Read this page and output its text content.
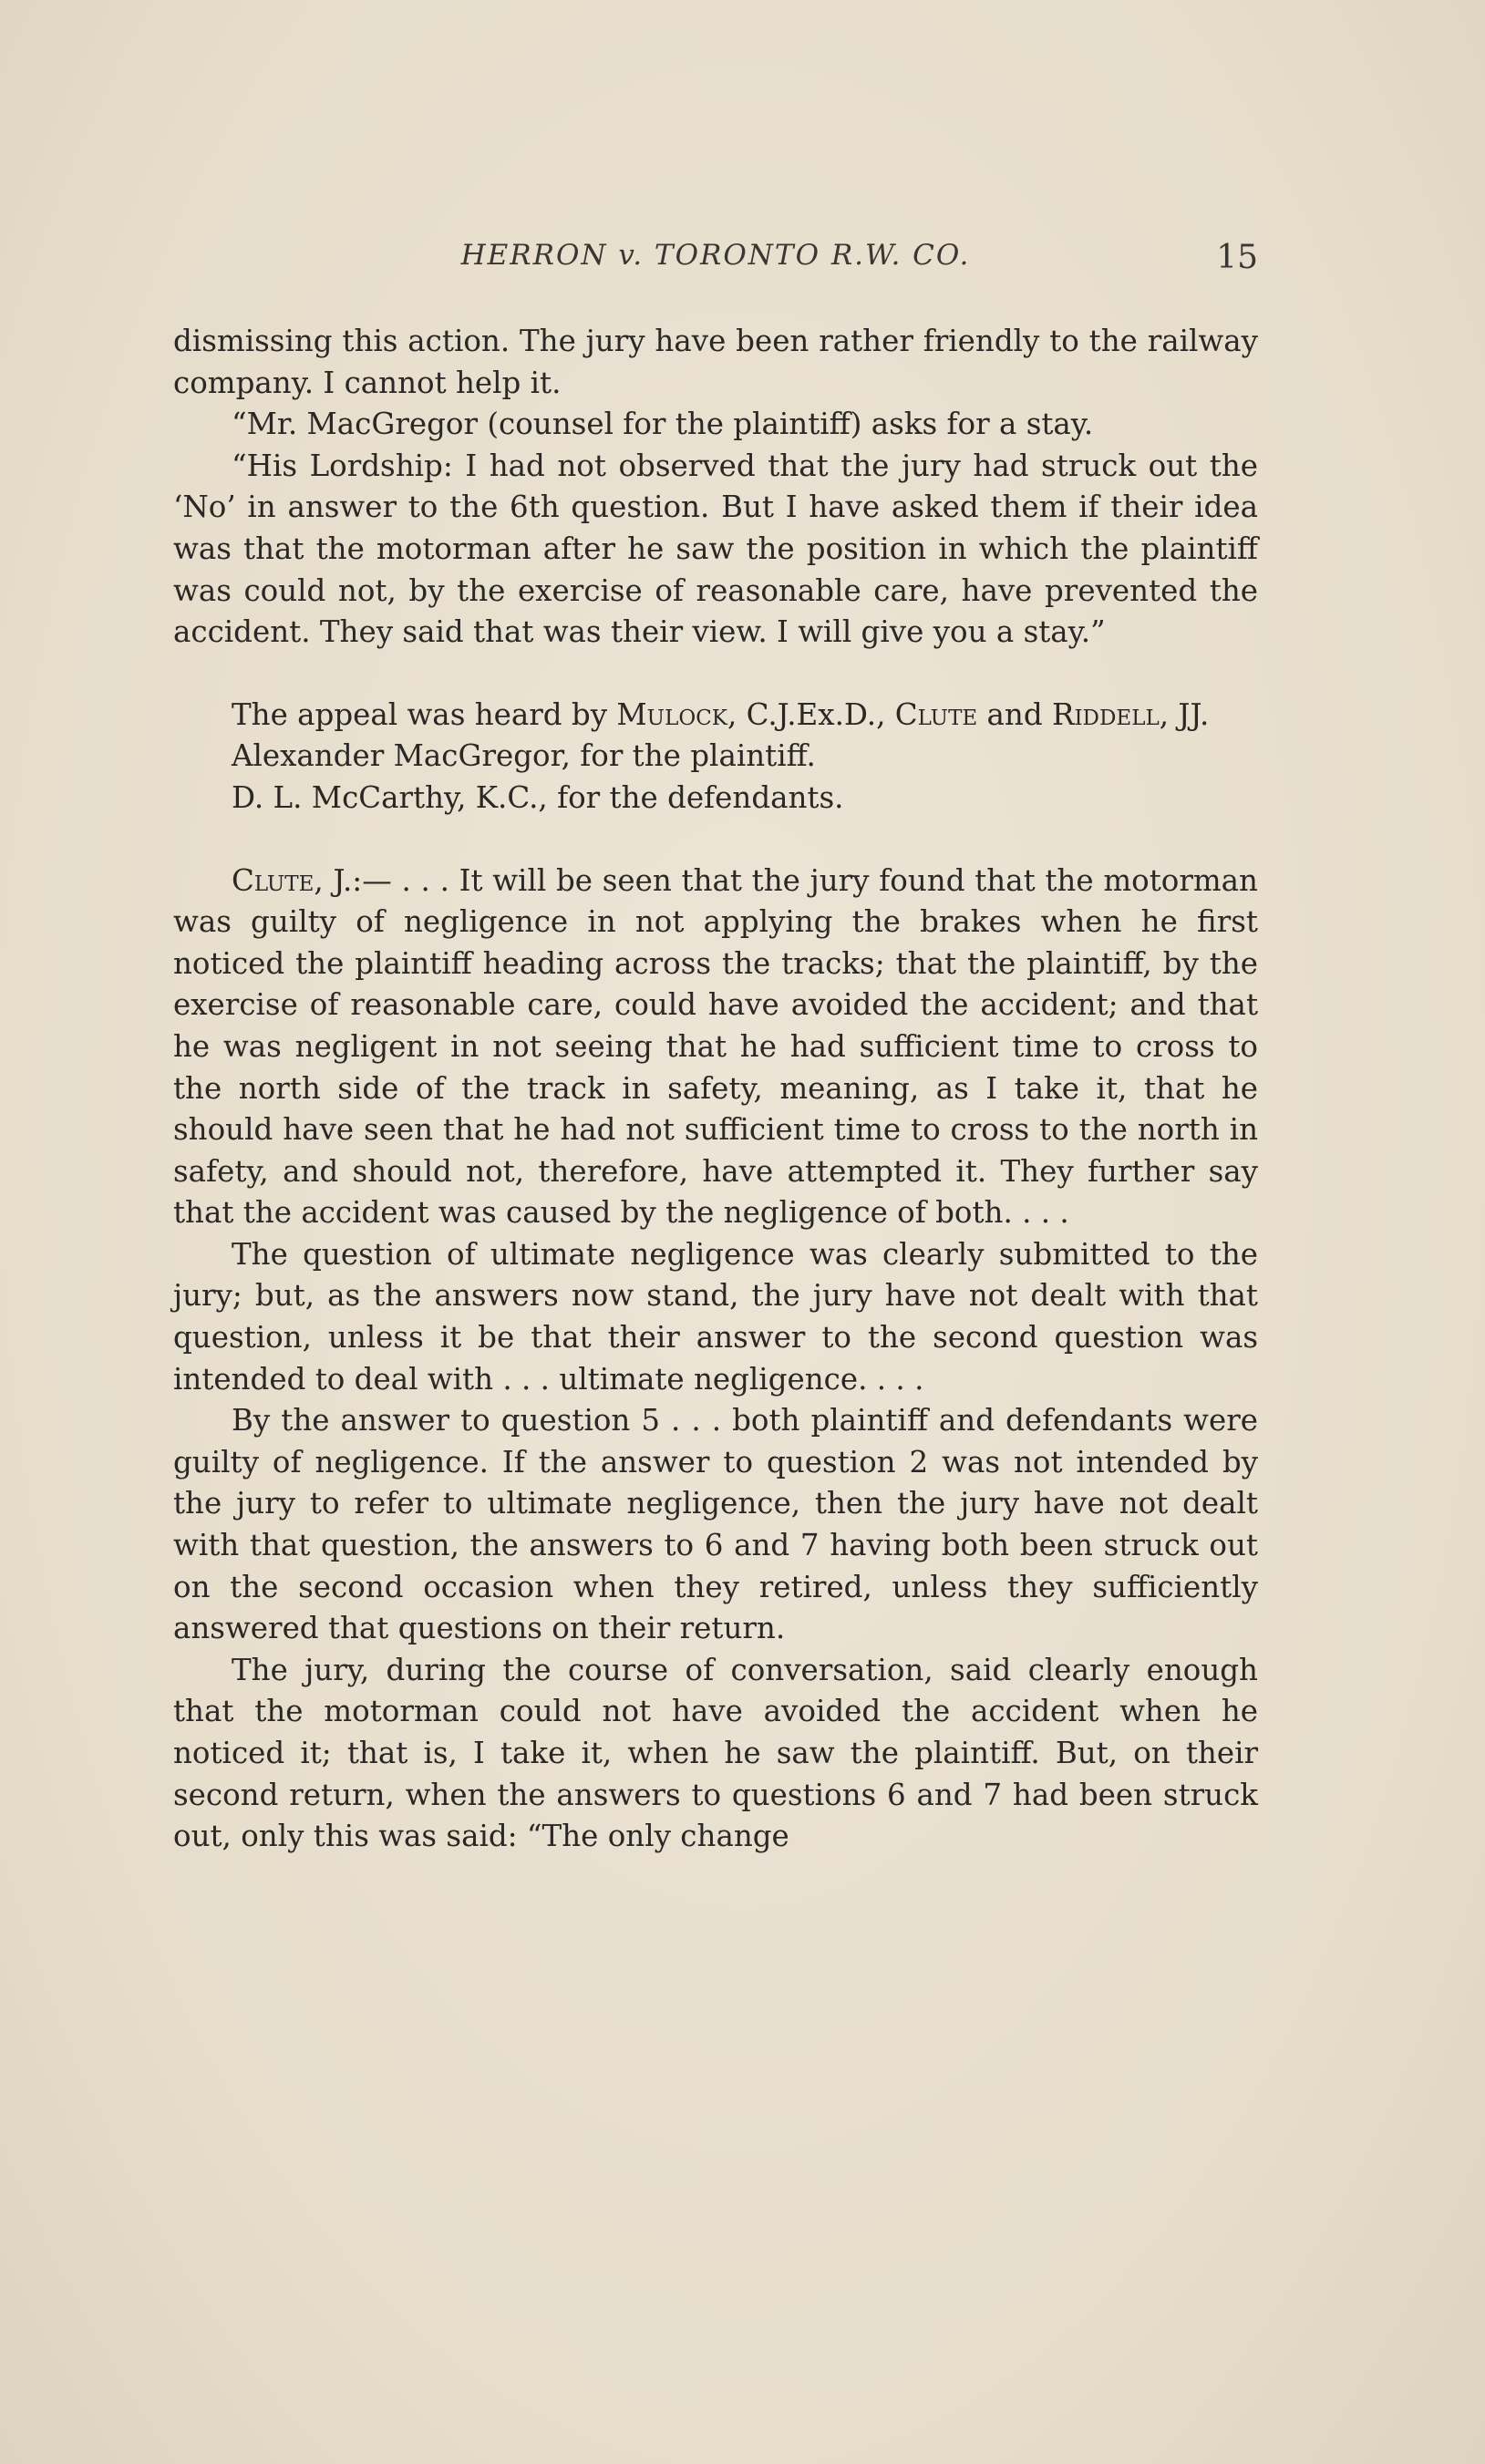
HERRON v. TORONTO R.W. CO.	15

dismissing this action. The jury have been rather friendly to the railway company. I cannot help it.

“Mr. MacGregor (counsel for the plaintiff) asks for a stay.

“His Lordship: I had not observed that the jury had struck out the ‘No’ in answer to the 6th question. But I have asked them if their idea was that the motorman after he saw the position in which the plaintiff was could not, by the exercise of reasonable care, have prevented the accident. They said that was their view. I will give you a stay.”

The appeal was heard by Mulock, C.J.Ex.D., Clute and Riddell, JJ.

Alexander MacGregor, for the plaintiff.

D. L. McCarthy, K.C., for the defendants.

Clute, J.:— . . . It will be seen that the jury found that the motorman was guilty of negligence in not applying the brakes when he first noticed the plaintiff heading across the tracks; that the plaintiff, by the exercise of reasonable care, could have avoided the accident; and that he was negligent in not seeing that he had sufficient time to cross to the north side of the track in safety, meaning, as I take it, that he should have seen that he had not sufficient time to cross to the north in safety, and should not, therefore, have attempted it. They further say that the accident was caused by the negligence of both. . . .

The question of ultimate negligence was clearly submitted to the jury; but, as the answers now stand, the jury have not dealt with that question, unless it be that their answer to the second question was intended to deal with . . . ultimate negligence. . . .

By the answer to question 5 . . . both plaintiff and defendants were guilty of negligence. If the answer to question 2 was not intended by the jury to refer to ultimate negligence, then the jury have not dealt with that question, the answers to 6 and 7 having both been struck out on the second occasion when they retired, unless they sufficiently answered that questions on their return.

The jury, during the course of conversation, said clearly enough that the motorman could not have avoided the accident when he noticed it; that is, I take it, when he saw the plaintiff. But, on their second return, when the answers to questions 6 and 7 had been struck out, only this was said: “The only change
